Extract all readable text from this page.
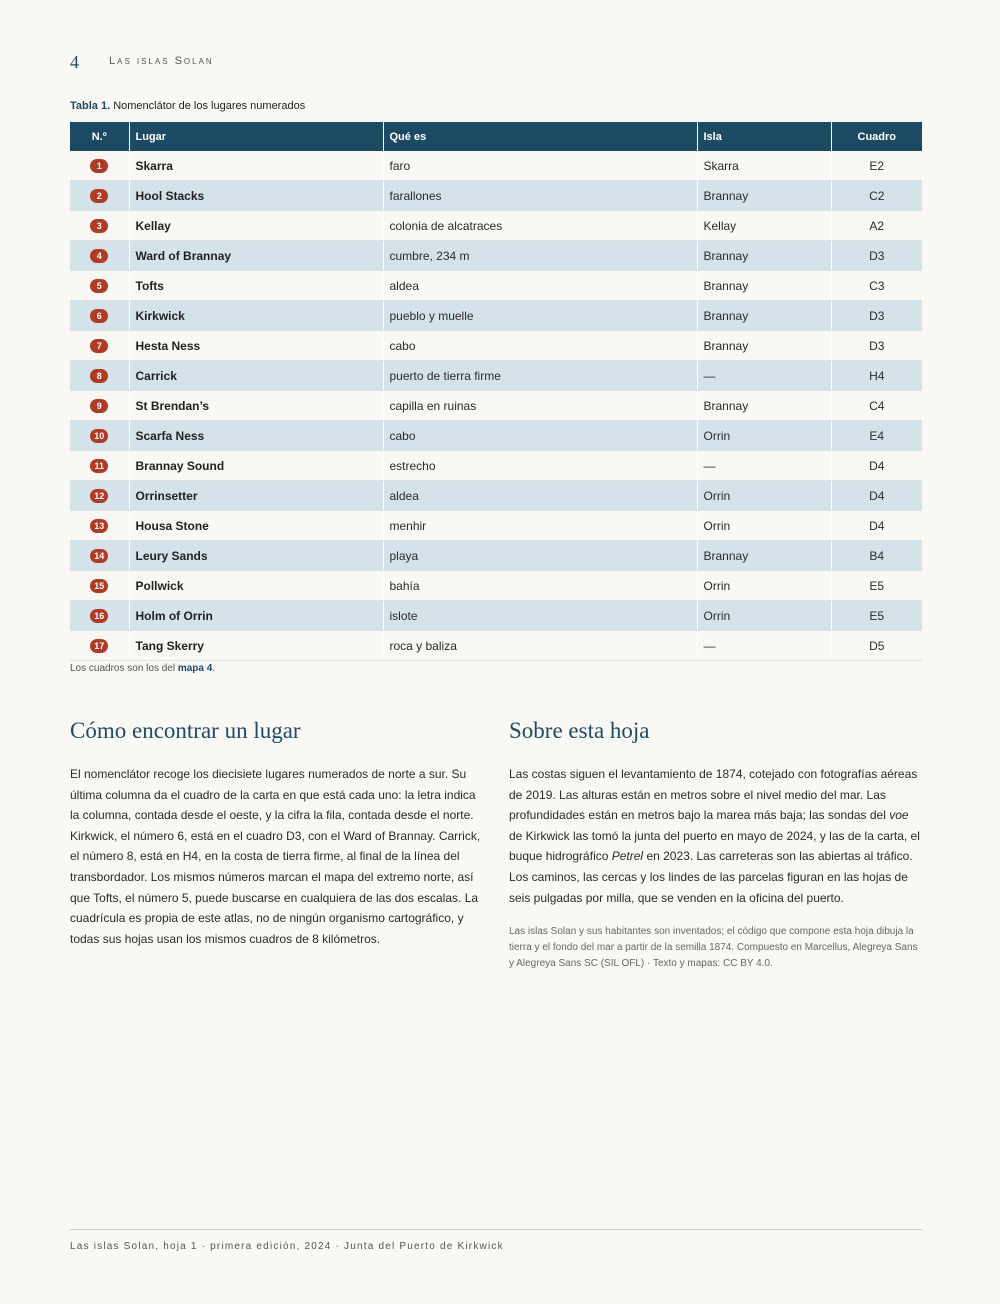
4	Las islas Solan
Tabla 1. Nomenclátor de los lugares numerados
N.º	Lugar	Qué es	Isla	Cuadro
1	Skarra	faro	Skarra	E2
2	Hool Stacks	farallones	Brannay	C2
3	Kellay	colonia de alcatraces	Kellay	A2
4	Ward of Brannay	cumbre, 234 m	Brannay	D3
5	Tofts	aldea	Brannay	C3
6	Kirkwick	pueblo y muelle	Brannay	D3
7	Hesta Ness	cabo	Brannay	D3
8	Carrick	puerto de tierra firme	—	H4
9	St Brendan’s	capilla en ruinas	Brannay	C4
10	Scarfa Ness	cabo	Orrin	E4
11	Brannay Sound	estrecho	—	D4
12	Orrinsetter	aldea	Orrin	D4
13	Housa Stone	menhir	Orrin	D4
14	Leury Sands	playa	Brannay	B4
15	Pollwick	bahía	Orrin	E5
16	Holm of Orrin	islote	Orrin	E5
17	Tang Skerry	roca y baliza	—	D5
Los cuadros son los del mapa 4.
Cómo encontrar un lugar

El nomenclátor recoge los diecisiete lugares numerados de norte a sur. Su última columna da el cuadro de la carta en que está cada uno: la letra indica la columna, contada desde el oeste, y la cifra la fila, contada desde el norte. Kirkwick, el número 6, está en el cuadro D3, con el Ward of Brannay. Carrick, el número 8, está en H4, en la costa de tierra firme, al final de la línea del transbordador. Los mismos números marcan el mapa del extremo norte, así que Tofts, el número 5, puede buscarse en cualquiera de las dos escalas. La cuadrícula es propia de este atlas, no de ningún organismo cartográfico, y todas sus hojas usan los mismos cuadros de 8 kilómetros.

Sobre esta hoja

Las costas siguen el levantamiento de 1874, cotejado con fotografías aéreas de 2019. Las alturas están en metros sobre el nivel medio del mar. Las profundidades están en metros bajo la marea más baja; las sondas del voe de Kirkwick las tomó la junta del puerto en mayo de 2024, y las de la carta, el buque hidrográfico Petrel en 2023. Las carreteras son las abiertas al tráfico. Los caminos, las cercas y los lindes de las parcelas figuran en las hojas de seis pulgadas por milla, que se venden en la oficina del puerto.

Las islas Solan y sus habitantes son inventados; el código que compone esta hoja dibuja la tierra y el fondo del mar a partir de la semilla 1874. Compuesto en Marcellus, Alegreya Sans y Alegreya Sans SC (SIL OFL) · Texto y mapas: CC BY 4.0.

Las islas Solan, hoja 1 · primera edición, 2024 · Junta del Puerto de Kirkwick
